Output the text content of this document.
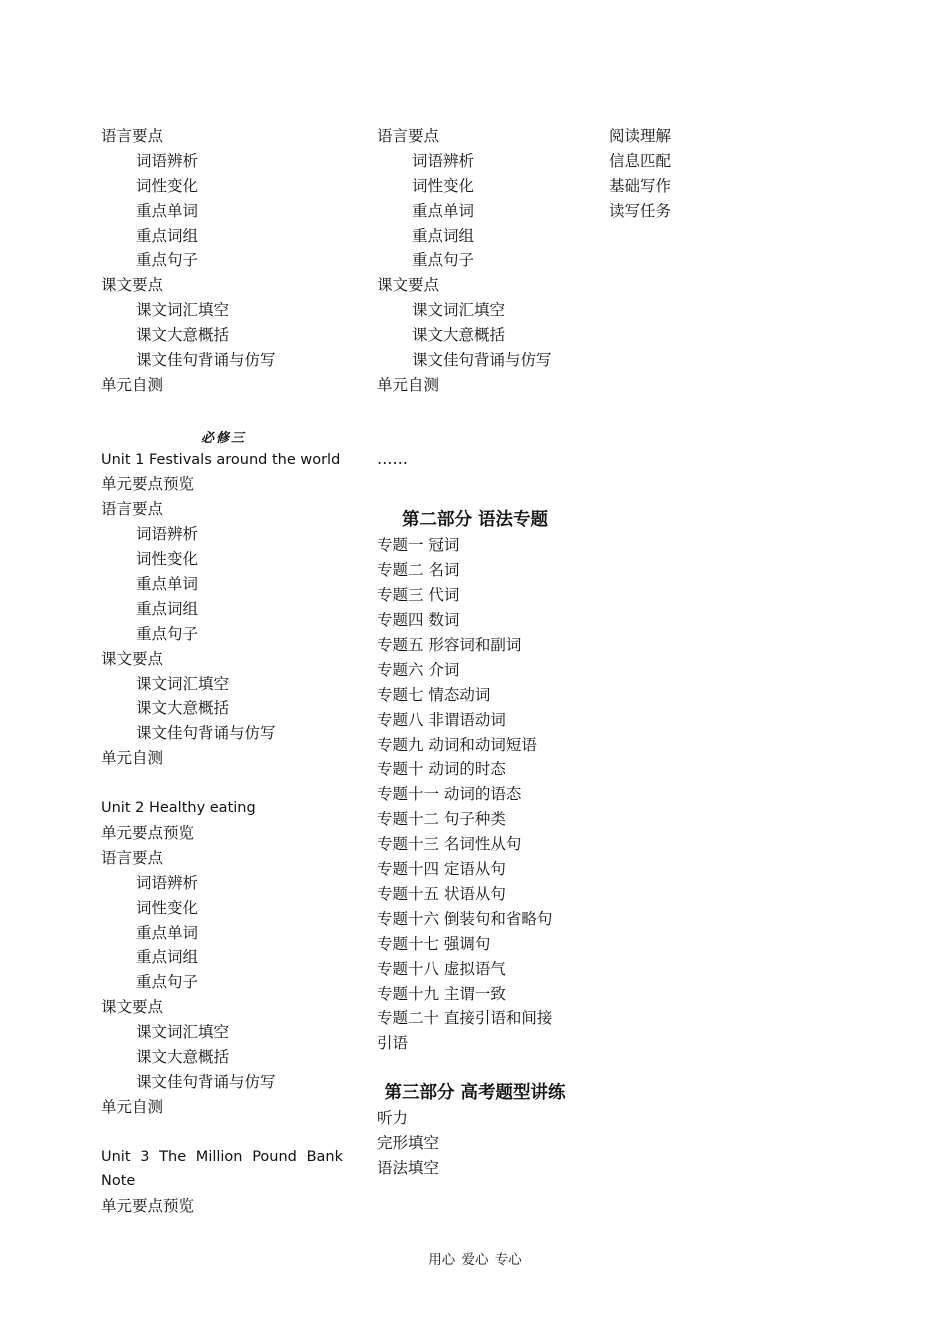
语言要点
词语辨析
词性变化
重点单词
重点词组
重点句子
课文要点
课文词汇填空
课文大意概括
课文佳句背诵与仿写
单元自测
必修三
Unit 1 Festivals around the world
单元要点预览
语言要点
词语辨析
词性变化
重点单词
重点词组
重点句子
课文要点
课文词汇填空
课文大意概括
课文佳句背诵与仿写
单元自测
Unit 2 Healthy eating
单元要点预览
语言要点
词语辨析
词性变化
重点单词
重点词组
重点句子
课文要点
课文词汇填空
课文大意概括
课文佳句背诵与仿写
单元自测
Unit 3 The Million Pound Bank Note
单元要点预览
语言要点
词语辨析
词性变化
重点单词
重点词组
重点句子
课文要点
课文词汇填空
课文大意概括
课文佳句背诵与仿写
单元自测
……
第二部分 语法专题
专题一 冠词
专题二 名词
专题三 代词
专题四 数词
专题五 形容词和副词
专题六 介词
专题七 情态动词
专题八 非谓语动词
专题九 动词和动词短语
专题十 动词的时态
专题十一 动词的语态
专题十二 句子种类
专题十三 名词性从句
专题十四 定语从句
专题十五 状语从句
专题十六 倒装句和省略句
专题十七 强调句
专题十八 虚拟语气
专题十九 主谓一致
专题二十 直接引语和间接
引语
第三部分 高考题型讲练
听力
完形填空
语法填空
阅读理解
信息匹配
基础写作
读写任务
用心 爱心 专心
